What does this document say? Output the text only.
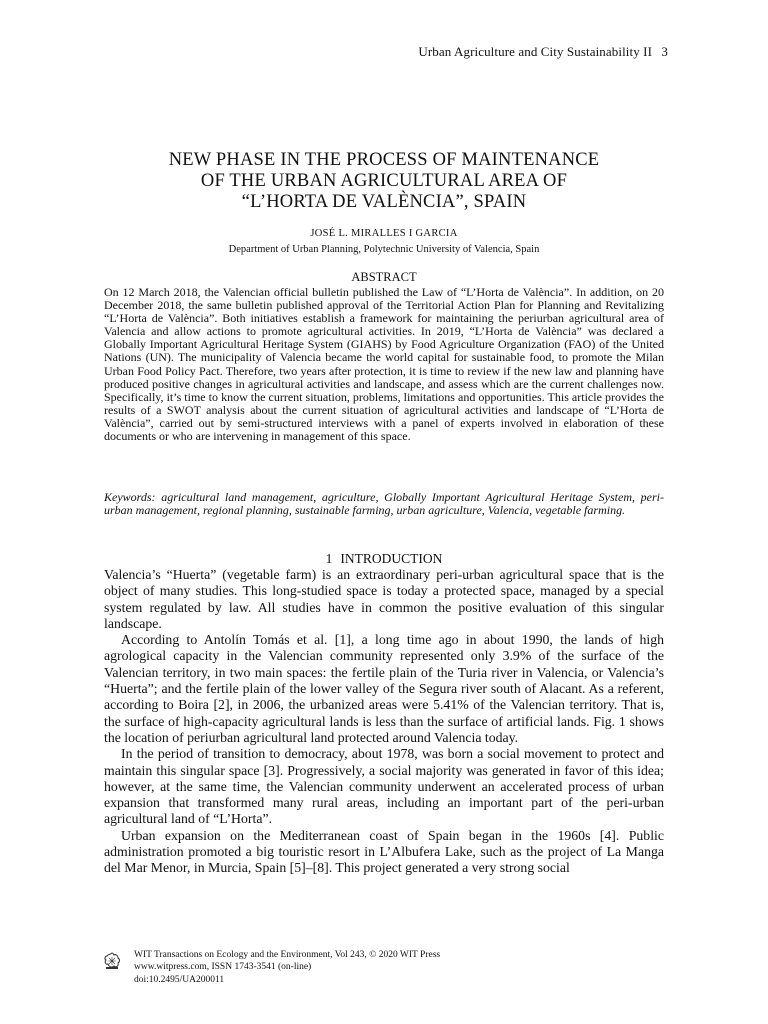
Urban Agriculture and City Sustainability II 3
NEW PHASE IN THE PROCESS OF MAINTENANCE
OF THE URBAN AGRICULTURAL AREA OF
“L’HORTA DE VALÈNCIA”, SPAIN
JOSÉ L. MIRALLES I GARCIA
Department of Urban Planning, Polytechnic University of Valencia, Spain
ABSTRACT

On 12 March 2018, the Valencian official bulletin published the Law of “L’Horta de València”. In addition, on 20 December 2018, the same bulletin published approval of the Territorial Action Plan for Planning and Revitalizing “L’Horta de València”. Both initiatives establish a framework for maintaining the periurban agricultural area of Valencia and allow actions to promote agricultural activities. In 2019, “L’Horta de València” was declared a Globally Important Agricultural Heritage System (GIAHS) by Food Agriculture Organization (FAO) of the United Nations (UN). The municipality of Valencia became the world capital for sustainable food, to promote the Milan Urban Food Policy Pact. Therefore, two years after protection, it is time to review if the new law and planning have produced positive changes in agricultural activities and landscape, and assess which are the current challenges now. Specifically, it’s time to know the current situation, problems, limitations and opportunities. This article provides the results of a SWOT analysis about the current situation of agricultural activities and landscape of “L’Horta de València”, carried out by semi-structured interviews with a panel of experts involved in elaboration of these documents or who are intervening in management of this space.

Keywords: agricultural land management, agriculture, Globally Important Agricultural Heritage System, peri-urban management, regional planning, sustainable farming, urban agriculture, Valencia, vegetable farming.

1 INTRODUCTION

Valencia’s “Huerta” (vegetable farm) is an extraordinary peri-urban agricultural space that is the object of many studies. This long-studied space is today a protected space, managed by a special system regulated by law. All studies have in common the positive evaluation of this singular landscape.

According to Antolín Tomás et al. [1], a long time ago in about 1990, the lands of high agrological capacity in the Valencian community represented only 3.9% of the surface of the Valencian territory, in two main spaces: the fertile plain of the Turia river in Valencia, or Valencia’s “Huerta”; and the fertile plain of the lower valley of the Segura river south of Alacant. As a referent, according to Boira [2], in 2006, the urbanized areas were 5.41% of the Valencian territory. That is, the surface of high-capacity agricultural lands is less than the surface of artificial lands. Fig. 1 shows the location of periurban agricultural land protected around Valencia today.

In the period of transition to democracy, about 1978, was born a social movement to protect and maintain this singular space [3]. Progressively, a social majority was generated in favor of this idea; however, at the same time, the Valencian community underwent an accelerated process of urban expansion that transformed many rural areas, including an important part of the peri-urban agricultural land of “L’Horta”.

Urban expansion on the Mediterranean coast of Spain began in the 1960s [4]. Public administration promoted a big touristic resort in L’Albufera Lake, such as the project of La Manga del Mar Menor, in Murcia, Spain [5]–[8]. This project generated a very strong social

WIT Transactions on Ecology and the Environment, Vol 243, © 2020 WIT Press
www.witpress.com, ISSN 1743-3541 (on-line)
doi:10.2495/UA200011
